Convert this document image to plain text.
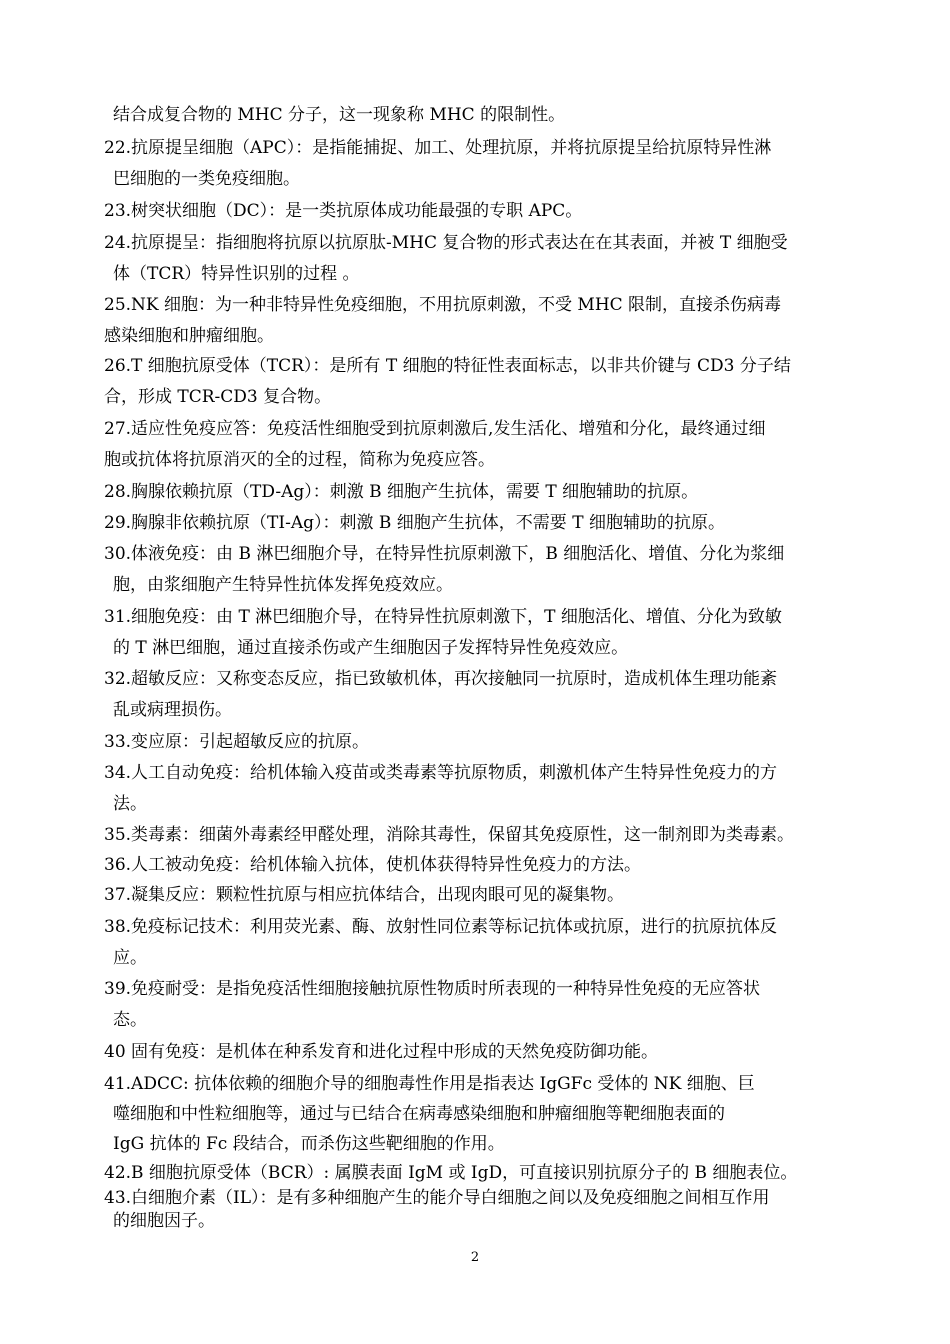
结合成复合物的 MHC 分子，这一现象称 MHC 的限制性。
22.抗原提呈细胞（APC）：是指能捕捉、加工、处理抗原，并将抗原提呈给抗原特异性淋
巴细胞的一类免疫细胞。
23.树突状细胞（DC）：是一类抗原体成功能最强的专职 APC。
24.抗原提呈：指细胞将抗原以抗原肽-MHC 复合物的形式表达在在其表面，并被 T 细胞受
体（TCR）特异性识别的过程 。
25.NK 细胞：为一种非特异性免疫细胞，不用抗原刺激，不受 MHC 限制，直接杀伤病毒
感染细胞和肿瘤细胞。
26.T 细胞抗原受体（TCR）：是所有 T 细胞的特征性表面标志，以非共价键与 CD3 分子结
合，形成 TCR-CD3 复合物。
27.适应性免疫应答：免疫活性细胞受到抗原刺激后,发生活化、增殖和分化，最终通过细
胞或抗体将抗原消灭的全的过程，简称为免疫应答。
28.胸腺依赖抗原（TD-Ag）：刺激 B 细胞产生抗体，需要 T 细胞辅助的抗原。
29.胸腺非依赖抗原（TI-Ag）：刺激 B 细胞产生抗体，不需要 T 细胞辅助的抗原。
30.体液免疫：由 B 淋巴细胞介导，在特异性抗原刺激下，B 细胞活化、增值、分化为浆细
胞，由浆细胞产生特异性抗体发挥免疫效应。
31.细胞免疫：由 T 淋巴细胞介导，在特异性抗原刺激下，T 细胞活化、增值、分化为致敏
的 T 淋巴细胞，通过直接杀伤或产生细胞因子发挥特异性免疫效应。
32.超敏反应：又称变态反应，指已致敏机体，再次接触同一抗原时，造成机体生理功能紊
乱或病理损伤。
33.变应原：引起超敏反应的抗原。
34.人工自动免疫：给机体输入疫苗或类毒素等抗原物质，刺激机体产生特异性免疫力的方
法。
35.类毒素：细菌外毒素经甲醛处理，消除其毒性，保留其免疫原性，这一制剂即为类毒素。
36.人工被动免疫：给机体输入抗体，使机体获得特异性免疫力的方法。
37.凝集反应：颗粒性抗原与相应抗体结合，出现肉眼可见的凝集物。
38.免疫标记技术：利用荧光素、酶、放射性同位素等标记抗体或抗原，进行的抗原抗体反
应。
39.免疫耐受：是指免疫活性细胞接触抗原性物质时所表现的一种特异性免疫的无应答状
态。
40 固有免疫：是机体在种系发育和进化过程中形成的天然免疫防御功能。
41.ADCC: 抗体依赖的细胞介导的细胞毒性作用是指表达 IgGFc 受体的 NK 细胞、巨
噬细胞和中性粒细胞等，通过与已结合在病毒感染细胞和肿瘤细胞等靶细胞表面的
IgG 抗体的 Fc 段结合，而杀伤这些靶细胞的作用。
42.B 细胞抗原受体（BCR）: 属膜表面 IgM 或 IgD，可直接识别抗原分子的 B 细胞表位。
43.白细胞介素（IL）：是有多种细胞产生的能介导白细胞之间以及免疫细胞之间相互作用
的细胞因子。
2
